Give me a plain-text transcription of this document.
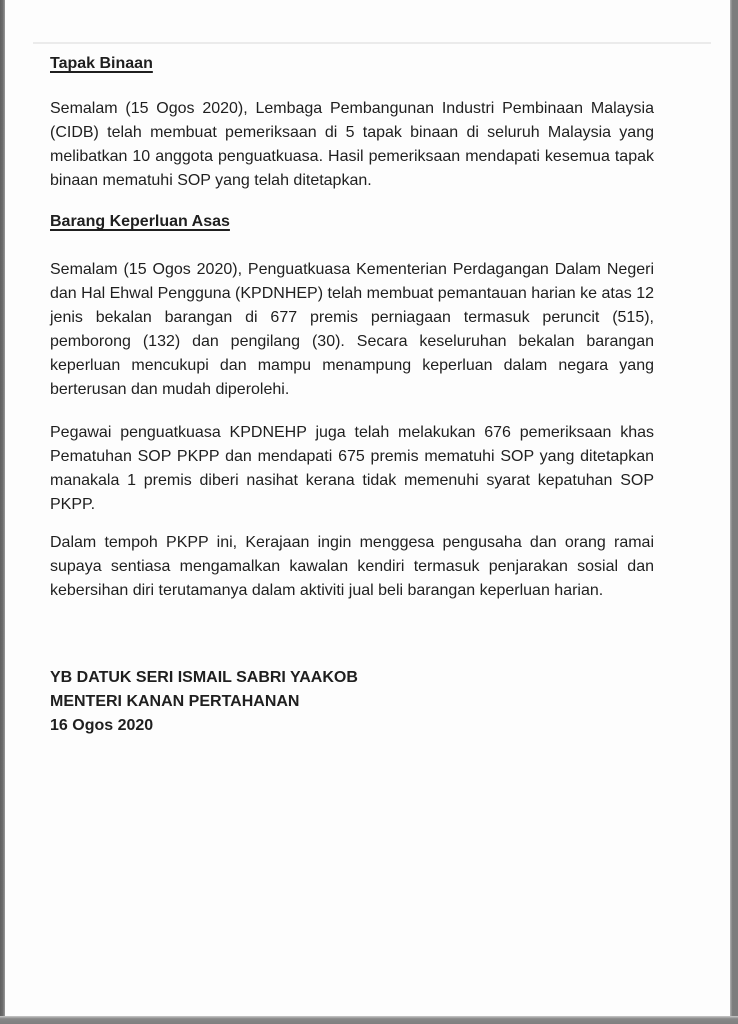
Tapak Binaan

Semalam (15 Ogos 2020), Lembaga Pembangunan Industri Pembinaan Malaysia (CIDB) telah membuat pemeriksaan di 5 tapak binaan di seluruh Malaysia yang melibatkan 10 anggota penguatkuasa. Hasil pemeriksaan mendapati kesemua tapak binaan mematuhi SOP yang telah ditetapkan.

Barang Keperluan Asas

Semalam (15 Ogos 2020), Penguatkuasa Kementerian Perdagangan Dalam Negeri dan Hal Ehwal Pengguna (KPDNHEP) telah membuat pemantauan harian ke atas 12 jenis bekalan barangan di 677 premis perniagaan termasuk peruncit (515), pemborong (132) dan pengilang (30). Secara keseluruhan bekalan barangan keperluan mencukupi dan mampu menampung keperluan dalam negara yang berterusan dan mudah diperolehi.

Pegawai penguatkuasa KPDNEHP juga telah melakukan 676 pemeriksaan khas Pematuhan SOP PKPP dan mendapati 675 premis mematuhi SOP yang ditetapkan manakala 1 premis diberi nasihat kerana tidak memenuhi syarat kepatuhan SOP PKPP.

Dalam tempoh PKPP ini, Kerajaan ingin menggesa pengusaha dan orang ramai supaya sentiasa mengamalkan kawalan kendiri termasuk penjarakan sosial dan kebersihan diri terutamanya dalam aktiviti jual beli barangan keperluan harian.

YB DATUK SERI ISMAIL SABRI YAAKOB
MENTERI KANAN PERTAHANAN
16 Ogos 2020
